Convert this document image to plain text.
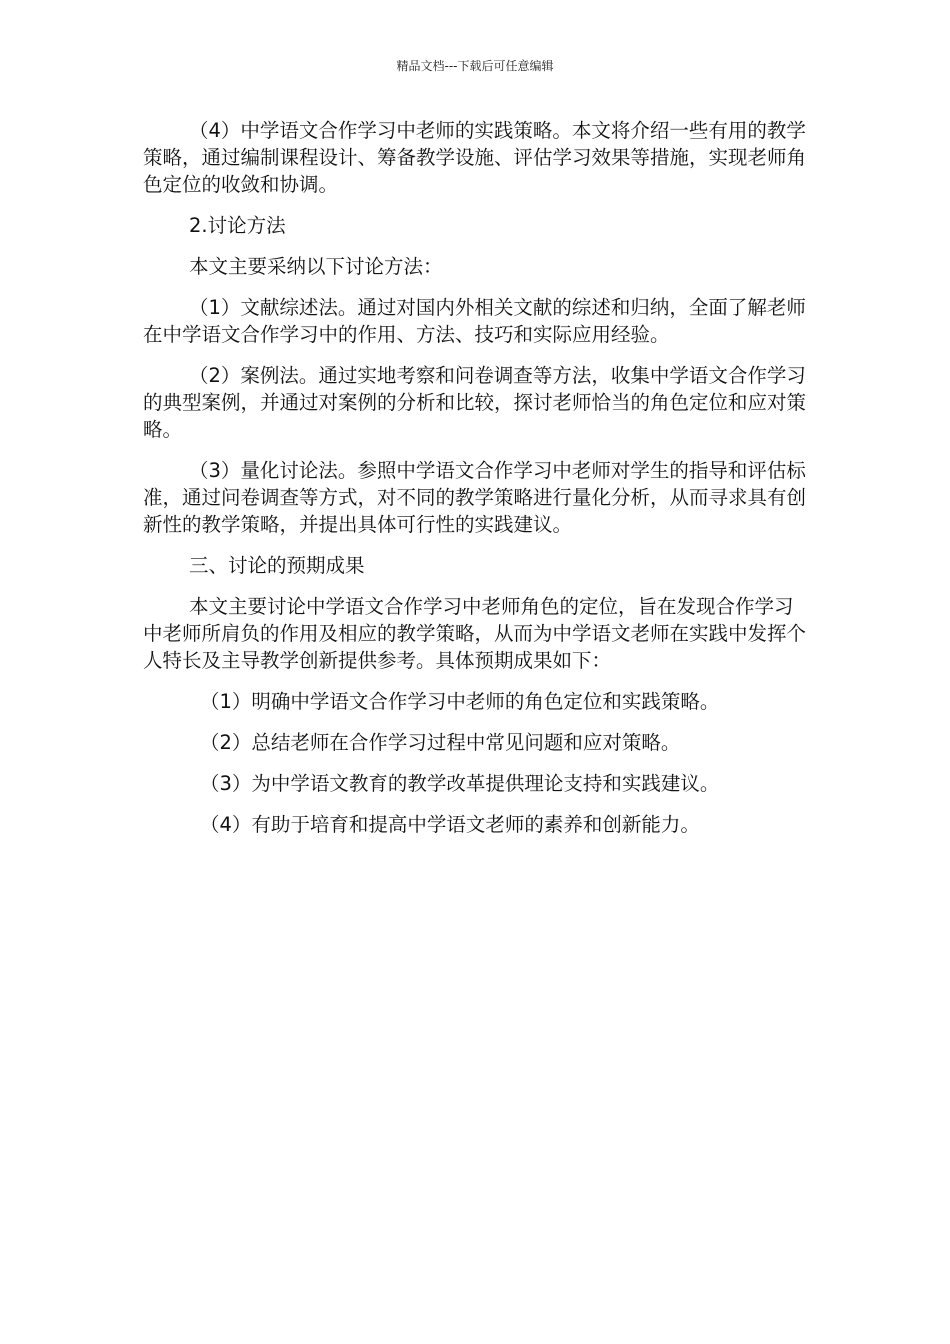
精品文档---下载后可任意编辑

（4）中学语文合作学习中老师的实践策略。本文将介绍一些有用的教学策略，通过编制课程设计、筹备教学设施、评估学习效果等措施，实现老师角色定位的收敛和协调。

2.讨论方法

本文主要采纳以下讨论方法：

（1）文献综述法。通过对国内外相关文献的综述和归纳，全面了解老师在中学语文合作学习中的作用、方法、技巧和实际应用经验。

（2）案例法。通过实地考察和问卷调查等方法，收集中学语文合作学习的典型案例，并通过对案例的分析和比较，探讨老师恰当的角色定位和应对策略。

（3）量化讨论法。参照中学语文合作学习中老师对学生的指导和评估标准，通过问卷调查等方式，对不同的教学策略进行量化分析，从而寻求具有创新性的教学策略，并提出具体可行性的实践建议。

三、讨论的预期成果

本文主要讨论中学语文合作学习中老师角色的定位，旨在发现合作学习中老师所肩负的作用及相应的教学策略，从而为中学语文老师在实践中发挥个人特长及主导教学创新提供参考。具体预期成果如下：

（1）明确中学语文合作学习中老师的角色定位和实践策略。

（2）总结老师在合作学习过程中常见问题和应对策略。

（3）为中学语文教育的教学改革提供理论支持和实践建议。

（4）有助于培育和提高中学语文老师的素养和创新能力。
